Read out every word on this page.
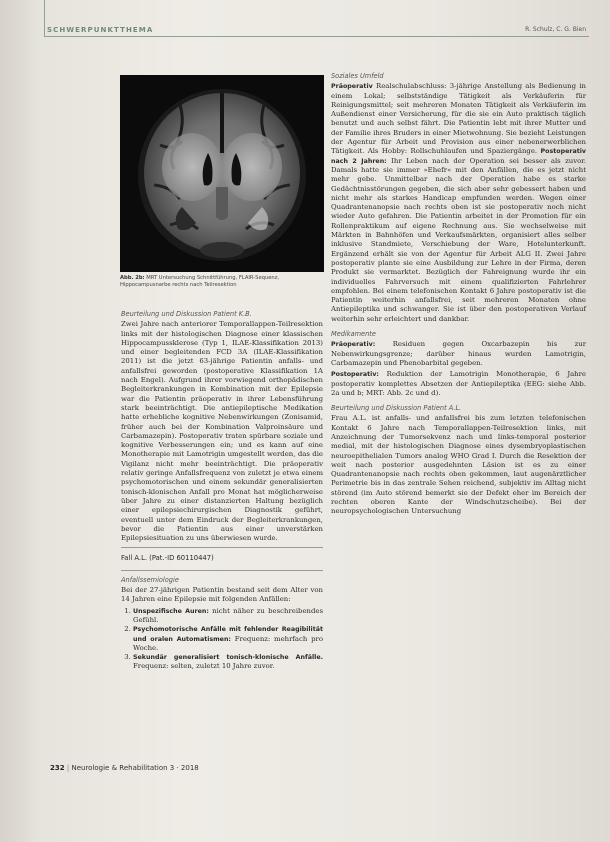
SCHWERPUNKTTHEMA	R. Schulz, C. G. Bien
Abb. 2b: MRT Untersuchung Schnittführung, FLAIR-Sequenz, Hippocampusnarbe rechts nach Teilresektion
Beurteilung und Diskussion Patient K.B.

Zwei Jahre nach anteriorer Temporallappen-Teilresektion links mit der histologischen Diagnose einer klassischen Hippocampussklerose (Typ 1, ILAE-Klassifikation 2013) und einer begleitenden FCD 3A (ILAE-Klassifikation 2011) ist die jetzt 63-jährige Patientin anfalls- und anfallsfrei geworden (postoperative Klassifikation 1A nach Engel). Aufgrund ihrer vorwiegend orthopädischen Begleiterkrankungen in Kombination mit der Epilepsie war die Patientin präoperativ in ihrer Lebensführung stark beeinträchtigt. Die antiepileptische Medikation hatte erhebliche kognitive Nebenwirkungen (Zonisamid, früher auch bei der Kombination Valproinsäure und Carbamazepin). Postoperativ traten spürbare soziale und kognitive Verbesserungen ein; und es kann auf eine Monotherapie mit Lamotrigin umgestellt werden, das die Vigilanz nicht mehr beeinträchtigt. Die präoperativ relativ geringe Anfallsfrequenz von zuletzt je etwa einem psychomotorischen und einem sekundär generalisierten tonisch-klonischen Anfall pro Monat hat möglicherweise über Jahre zu einer distanzierten Haltung bezüglich einer epilepsiechirurgischen Diagnostik geführt, eventuell unter dem Eindruck der Begleiterkrankungen, bevor die Patientin aus einer unverstärken Epilepsiesituation zu uns überwiesen wurde.

Fall A.L. (Pat.-ID 60110447)
Anfallssemiologie

Bei der 27-jährigen Patientin bestand seit dem Alter von 14 Jahren eine Epilepsie mit folgenden Anfällen:

1. Unspezifische Auren: nicht näher zu beschreibendes Gefühl.
2. Psychomotorische Anfälle mit fehlender Reagibilität und oralen Automatismen: Frequenz: mehrfach pro Woche.
3. Sekundär generalisiert tonisch-klonische Anfälle. Frequenz: selten, zuletzt 10 Jahre zuvor.
Soziales Umfeld

Präoperativ Realschulabschluss: 3-jährige Anstellung als Bedienung in einem Lokal; selbstständige Tätigkeit als Verkäuferin für Reinigungsmittel; seit mehreren Monaten Tätigkeit als Verkäuferin im Außendienst einer Versicherung, für die sie ein Auto praktisch täglich benutzt und auch selbst fährt. Die Patientin lebt mit ihrer Mutter und der Familie ihres Bruders in einer Mietwohnung. Sie bezieht Leistungen der Agentur für Arbeit und Provision aus einer nebenerwerblichen Tätigkeit. Als Hobby: Rollschuhlaufen und Spaziergänge. Postoperativ nach 2 Jahren: Ihr Leben nach der Operation sei besser als zuvor. Damals hatte sie immer »Ehefr« mit den Anfällen, die es jetzt nicht mehr gebe. Unmittelbar nach der Operation habe es starke Gedächtnisstörungen gegeben, die sich aber sehr gebessert haben und nicht mehr als starkes Handicap empfunden werden. Wegen einer Quadrantenanopsie nach rechts oben ist sie postoperativ noch nicht wieder Auto gefahren. Die Patientin arbeitet in der Promotion für ein Rollenpraktikum auf eigene Rechnung aus. Sie wechselweise mit Märkten in Bahnhöfen und Verkaufsmärkten, organisiert alles selber inklusive Standmiete, Verschiebung der Ware, Hotelunterkunft. Ergänzend erhält sie von der Agentur für Arbeit ALG II. Zwei Jahre postoperativ plante sie eine Ausbildung zur Lehre in der Firma, deren Produkt sie vermarktet. Bezüglich der Fahreignung wurde ihr ein individuelles Fahrversuch mit einem qualifizierten Fahrlehrer empfohlen. Bei einem telefonischen Kontakt 6 Jahre postoperativ ist die Patientin weiterhin anfallsfrei, seit mehreren Monaten ohne Antiepileptika und schwanger. Sie ist über den postoperativen Verlauf weiterhin sehr erleichtert und dankbar.

Medikamente

Präoperativ: Residuen gegen Oxcarbazepin bis zur Nebenwirkungsgrenze; darüber hinaus wurden Lamotrigin, Carbamazepin und Phenobarbital gegeben.

Postoperativ: Reduktion der Lamotrigin Monotherapie, 6 Jahre postoperativ komplettes Absetzen der Antiepileptika (EEG: siehe Abb. 2a und b; MRT: Abb. 2c und d).

Beurteilung und Diskussion Patient A.L.

Frau A.L. ist anfalls- und anfallsfrei bis zum letzten telefonischen Kontakt 6 Jahre nach Temporallappen-Teilresektion links, mit Anzeichnung der Tumorsekvenz nach und links-temporal posterior medial, mit der histologischen Diagnose eines dysembryoplastischen neuroepithelialen Tumors analog WHO Grad I. Durch die Resektion der weit nach posterior ausgedehnten Läsion ist es zu einer Quadrantenanopsie nach rechts oben gekommen, laut augenärztlicher Perimetrie bis in das zentrale Sehen reichend, subjektiv im Alltag nicht störend (im Auto störend bemerkt sie der Defekt eher im Bereich der rechten oberen Kante der Windschutzscheibe). Bei der neuropsychologischen Untersuchung

232 | Neurologie & Rehabilitation 3 · 2018
